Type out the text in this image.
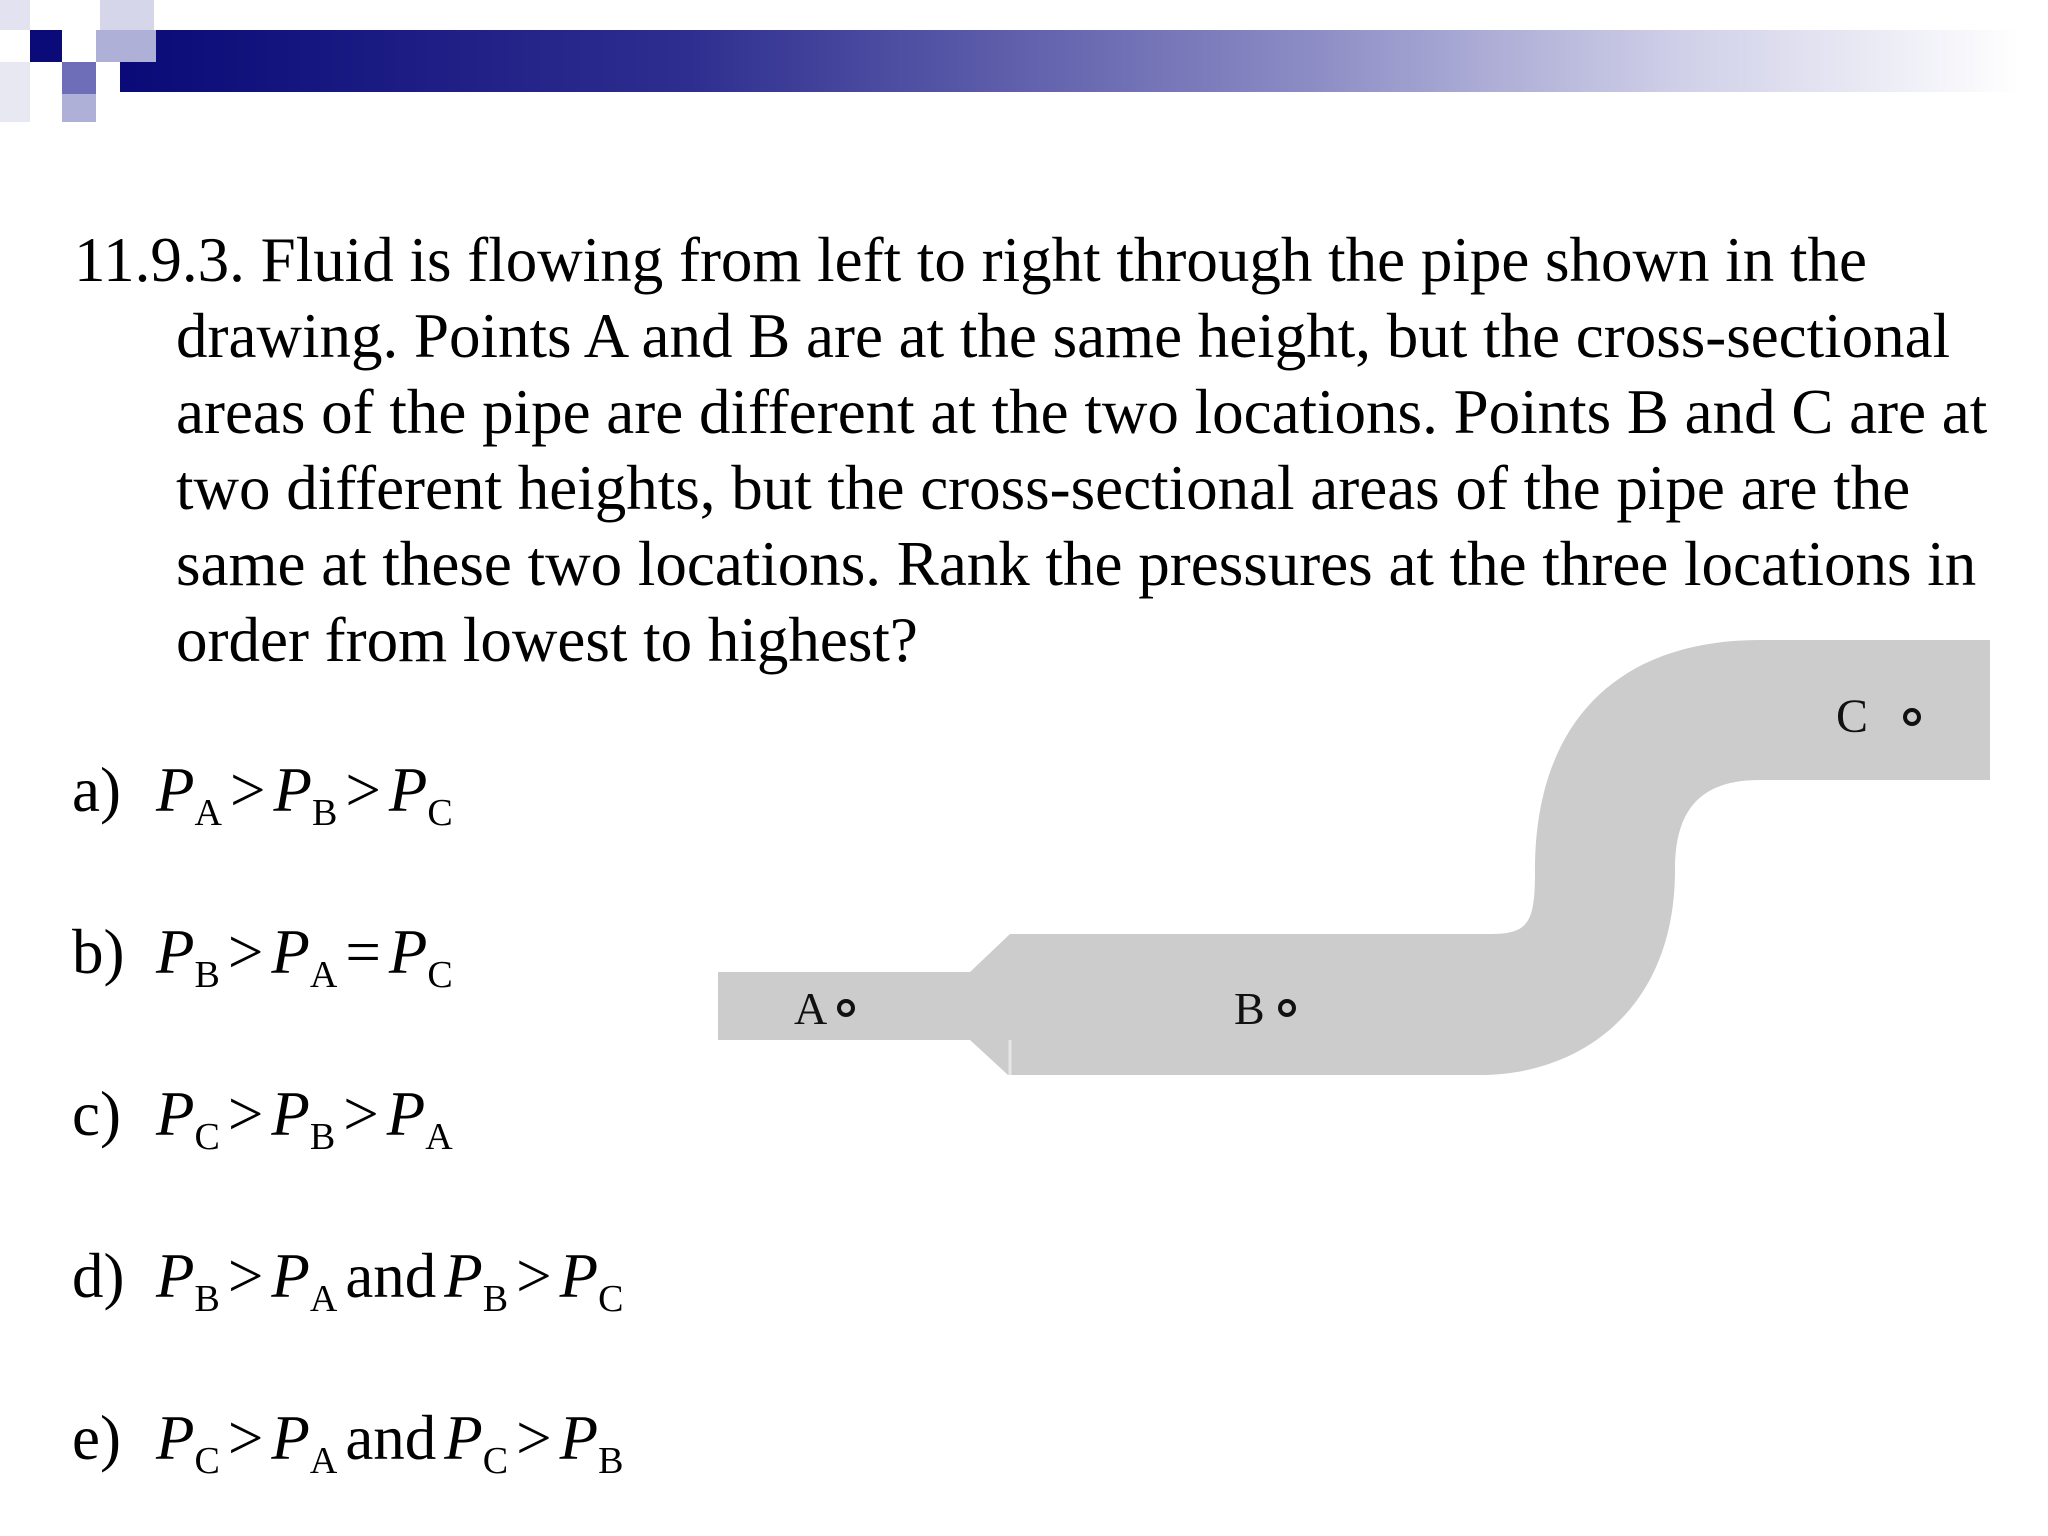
11.9.3. Fluid is flowing from left to right through the pipe shown in the
drawing. Points A and B are at the same height, but the cross-sectional
areas of the pipe are different at the two locations. Points B and C are at
two different heights, but the cross-sectional areas of the pipe are the
same at these two locations. Rank the pressures at the three locations in
order from lowest to highest?
A	B
C
a) $P_A > P_B > P_C$
b) $P_B > P_A = P_C$
c) $P_C > P_B > P_A$
d) $P_B > P_A$ and $P_B > P_C$
e) $P_C > P_A$ and $P_C > P_B$
